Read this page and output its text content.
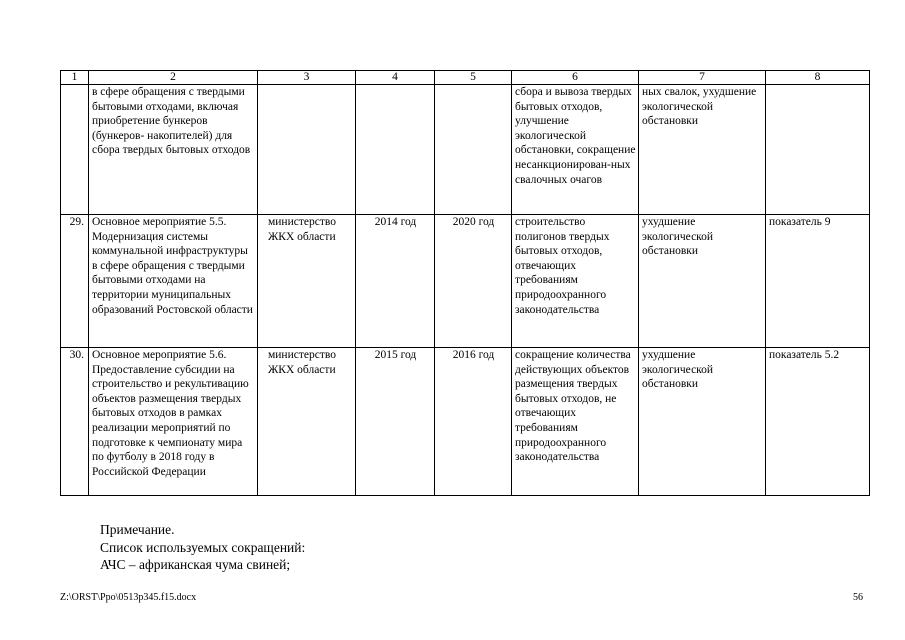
1	2	3	4	5	6	7	8
	в сфере обращения с твердыми бытовыми отходами, включая приобретение бункеров (бункеров- накопителей) для сбора твердых бытовых отходов				сбора и вывоза твердых бытовых отходов, улучшение экологической обстановки, сокращение несанкционирован-ных свалочных очагов	ных свалок, ухудшение экологической обстановки	
29.	Основное мероприятие 5.5. Модернизация системы коммунальной инфраструктуры в сфере обращения с твердыми бытовыми отходами на территории муниципальных образований Ростовской области	министерство ЖКХ области	2014 год	2020 год	строительство полигонов твердых бытовых отходов, отвечающих требованиям природоохранного законодательства	ухудшение экологической обстановки	показатель 9
30.	Основное мероприятие 5.6. Предоставление субсидии на строительство и рекультивацию объектов размещения твердых бытовых отходов в рамках реализации мероприятий по подготовке к чемпионату мира по футболу в 2018 году в Российской Федерации	министерство ЖКХ области	2015 год	2016 год	сокращение количества действующих объектов размещения твердых бытовых отходов, не отвечающих требованиям природоохранного законодательства	ухудшение экологической обстановки	показатель 5.2
Примечание.
Список используемых сокращений:
АЧС – африканская чума свиней;
Z:\ORST\Ppo\0513p345.f15.docx	56
